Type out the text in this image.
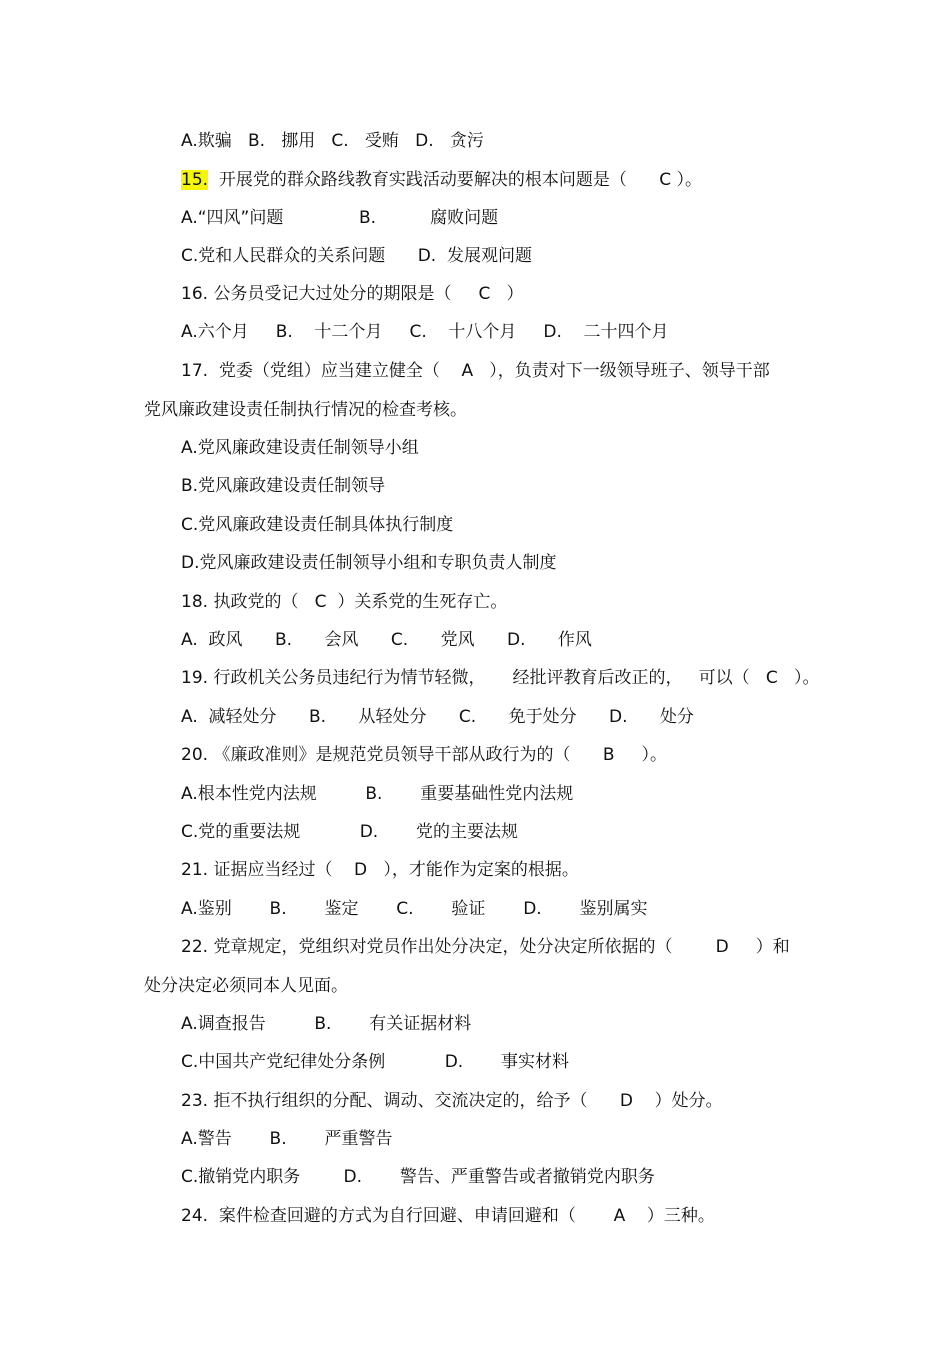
A.欺骗   B.   挪用   C.   受贿   D.   贪污
15.  开展党的群众路线教育实践活动要解决的根本问题是（      C ）。
A.“四风”问题              B.          腐败问题
C.党和人民群众的关系问题      D.  发展观问题
16. 公务员受记大过处分的期限是（     C   ）
A.六个月     B.    十二个月     C.    十八个月     D.    二十四个月
17.  党委（党组）应当建立健全（    A   ），负责对下一级领导班子、领导干部
党风廉政建设责任制执行情况的检查考核。
A.党风廉政建设责任制领导小组
B.党风廉政建设责任制领导
C.党风廉政建设责任制具体执行制度
D.党风廉政建设责任制领导小组和专职负责人制度
18. 执政党的（   C  ）关系党的生死存亡。
A.  政风      B.      会风      C.      党风      D.      作风
19. 行政机关公务员违纪行为情节轻微，     经批评教育后改正的，   可以（   C   ）。
A.  减轻处分      B.      从轻处分      C.      免于处分      D.      处分
20. 《廉政准则》是规范党员领导干部从政行为的（      B     ）。
A.根本性党内法规         B.       重要基础性党内法规
C.党的重要法规           D.       党的主要法规
21. 证据应当经过（    D   ），才能作为定案的根据。
A.鉴别       B.       鉴定       C.       验证       D.       鉴别属实
22. 党章规定，党组织对党员作出处分决定，处分决定所依据的（        D     ）和
处分决定必须同本人见面。
A.调查报告         B.       有关证据材料
C.中国共产党纪律处分条例           D.       事实材料
23. 拒不执行组织的分配、调动、交流决定的，给予（      D    ）处分。
A.警告       B.       严重警告
C.撤销党内职务        D.       警告、严重警告或者撤销党内职务
24.  案件检查回避的方式为自行回避、申请回避和（       A    ）三种。
